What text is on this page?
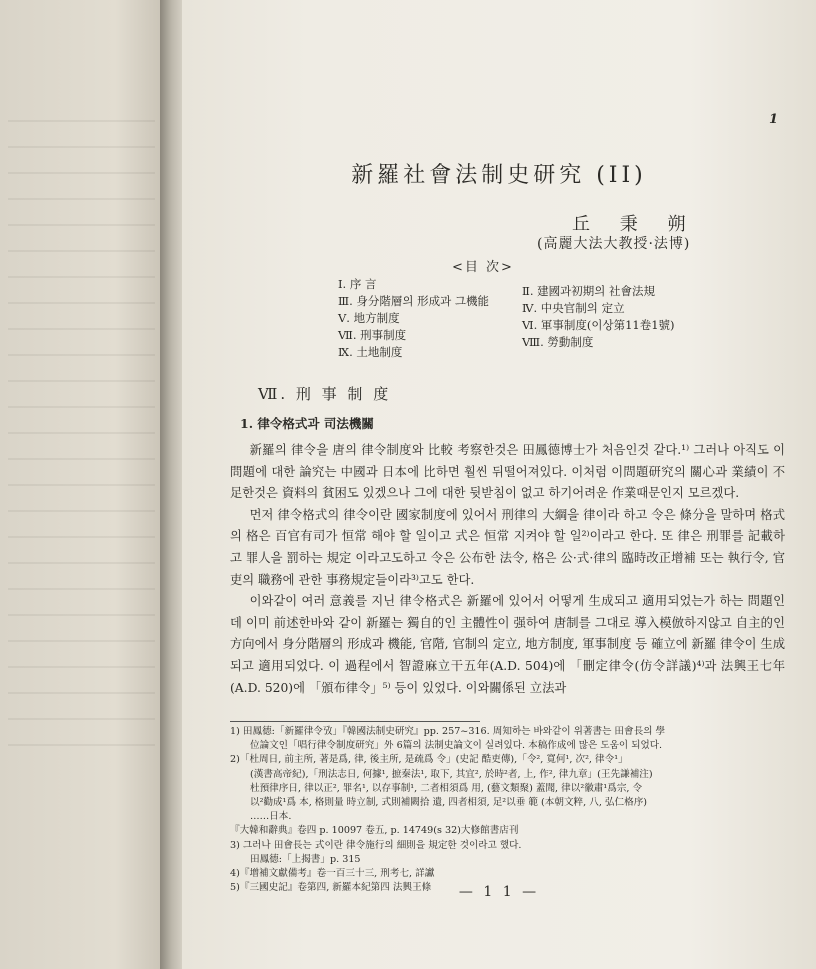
1
新羅社會法制史研究 (II)
丘 秉 朔
(高麗大法大教授·法博)
<目 次>
Ⅰ. 序 言
Ⅲ. 身分階層의 形成과 그機能
Ⅴ. 地方制度
Ⅶ. 刑事制度
Ⅸ. 土地制度
Ⅱ. 建國과初期의 社會法規
Ⅳ. 中央官制의 定立
Ⅵ. 軍事制度(이상第11卷1號)
Ⅷ. 勞動制度
Ⅶ. 刑 事 制 度
1. 律令格式과 司法機關

新羅의 律令을 唐의 律令制度와 比較 考察한것은 田鳳德博士가 처음인것 같다.¹⁾ 그러나 아직도 이問題에 대한 論究는 中國과 日本에 比하면 훨씬 뒤떨어져있다. 이처럼 이問題研究의 關心과 業績이 不足한것은 資料의 貧困도 있겠으나 그에 대한 뒷받침이 없고 하기어려운 作業때문인지 모르겠다.

먼저 律令格式의 律令이란 國家制度에 있어서 刑律의 大綱을 律이라 하고 令은 條分을 말하며 格式의 格은 百官有司가 恒常 해야 할 일이고 式은 恒常 지켜야 할 일²⁾이라고 한다. 또 律은 刑罪를 記載하고 罪人을 罰하는 規定 이라고도하고 令은 公布한 法令, 格은 公·式·律의 臨時改正增補 또는 執行令, 官吏의 職務에 관한 事務規定들이라³⁾고도 한다.

이와같이 여러 意義를 지닌 律令格式은 新羅에 있어서 어떻게 生成되고 適用되었는가 하는 問題인데 이미 前述한바와 같이 新羅는 獨自的인 主體性이 强하여 唐制를 그대로 導入模倣하지않고 自主的인 方向에서 身分階層의 形成과 機能, 官階, 官制의 定立, 地方制度, 軍事制度 등 確立에 新羅 律令이 生成되고 適用되었다. 이 過程에서 智證麻立干五年(A.D. 504)에 「刪定律令(仿令詳議)⁴⁾과 法興王七年(A.D. 520)에 「頒布律令」⁵⁾ 등이 있었다. 이와關係된 立法과

1) 田鳳德:「新羅律令攷」『韓國法制史研究』pp. 257~316. 周知하는 바와같이 위著書는 田會長의 學
位論文인「唱行律令制度研究」外 6篇의 法制史論文이 실려있다. 本稿作成에 많은 도움이 되었다.
2)「杜周日, 前主所, 著是爲, 律, 後主所, 是疏爲 令」(史記 酷吏傳),「令², 寬何¹, 次², 律令¹」
(漢書高帝紀),「刑法志日, 何據¹, 摭秦法¹, 取下, 其宜², 於時²者, 上, 作², 律九章」(王先謙補注)
杜預律序日, 律以正², 罪名¹, 以存事制¹, 二者相須爲 用, (藝文類聚) 蓋聞, 律以²徽肅¹爲宗, 令
以²勸成¹爲 本, 格則量 時立制, 式則補闕拾 遺, 四者相須, 足²以垂 範 (本朝文粹, 八, 弘仁格序)
……日本.
『大韓和辭典』卷四 p. 10097 卷五, p. 14749(s 32)大修館書店刊
3) 그러나 田會長는 式이란 律令施行의 細則을 規定한 것이라고 했다.
田鳳德:「上揭書」p. 315
4)『增補文獻備考』卷一百三十三, 刑考七, 詳讞
5)『三國史記』卷第四, 新羅本紀第四 法興王條	— 1 1 —
